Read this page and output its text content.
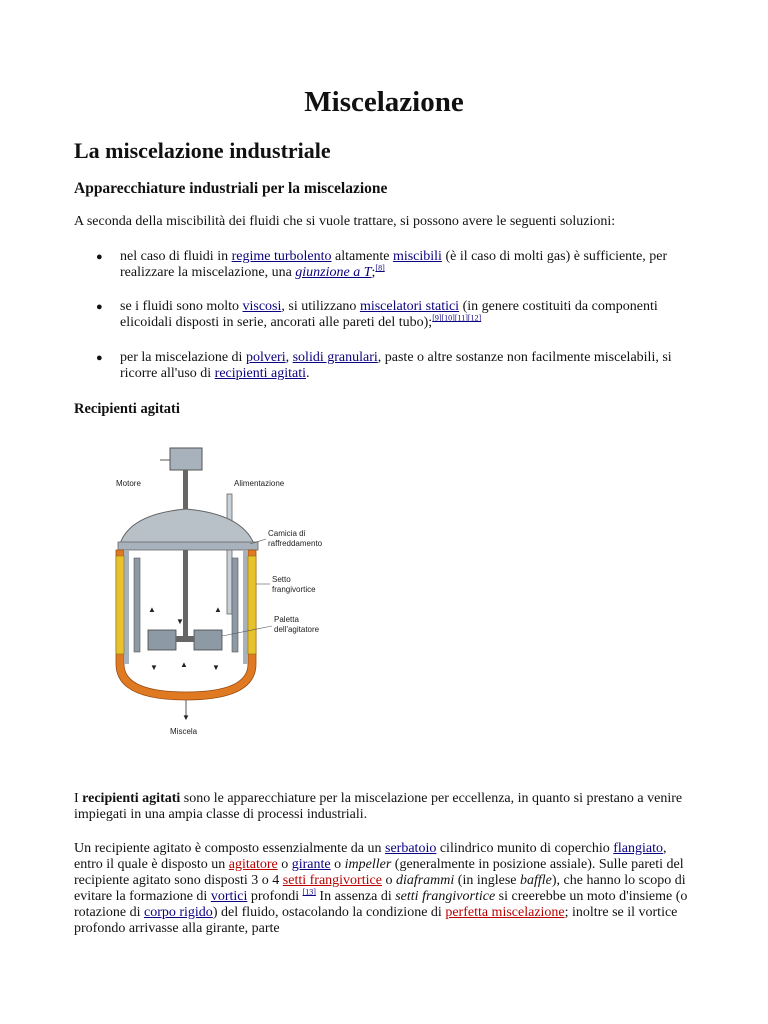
Miscelazione
La miscelazione industriale
Apparecchiature industriali per la miscelazione

A seconda della miscibilità dei fluidi che si vuole trattare, si possono avere le seguenti soluzioni:

● nel caso di fluidi in regime turbolento altamente miscibili (è il caso di molti gas) è sufficiente, per realizzare la miscelazione, una giunzione a T;[8]
● se i fluidi sono molto viscosi, si utilizzano miscelatori statici (in genere costituiti da componenti elicoidali disposti in serie, ancorati alle pareti del tubo);[9][10][11][12]
● per la miscelazione di polveri, solidi granulari, paste o altre sostanze non facilmente miscelabili, si ricorre all'uso di recipienti agitati.
Recipienti agitati
▲	▲
▼	▼
▼
▲
▼
Motore	Alimentazione
Camicia di
raffreddamento
Setto
frangivortice
Paletta
dell'agitatore
Miscela

I recipienti agitati sono le apparecchiature per la miscelazione per eccellenza, in quanto si prestano a venire impiegati in una ampia classe di processi industriali.

Un recipiente agitato è composto essenzialmente da un serbatoio cilindrico munito di coperchio flangiato, entro il quale è disposto un agitatore o girante o impeller (generalmente in posizione assiale). Sulle pareti del recipiente agitato sono disposti 3 o 4 setti frangivortice o diaframmi (in inglese baffle), che hanno lo scopo di evitare la formazione di vortici profondi [13] In assenza di setti frangivortice si creerebbe un moto d'insieme (o rotazione di corpo rigido) del fluido, ostacolando la condizione di perfetta miscelazione; inoltre se il vortice profondo arrivasse alla girante, parte
